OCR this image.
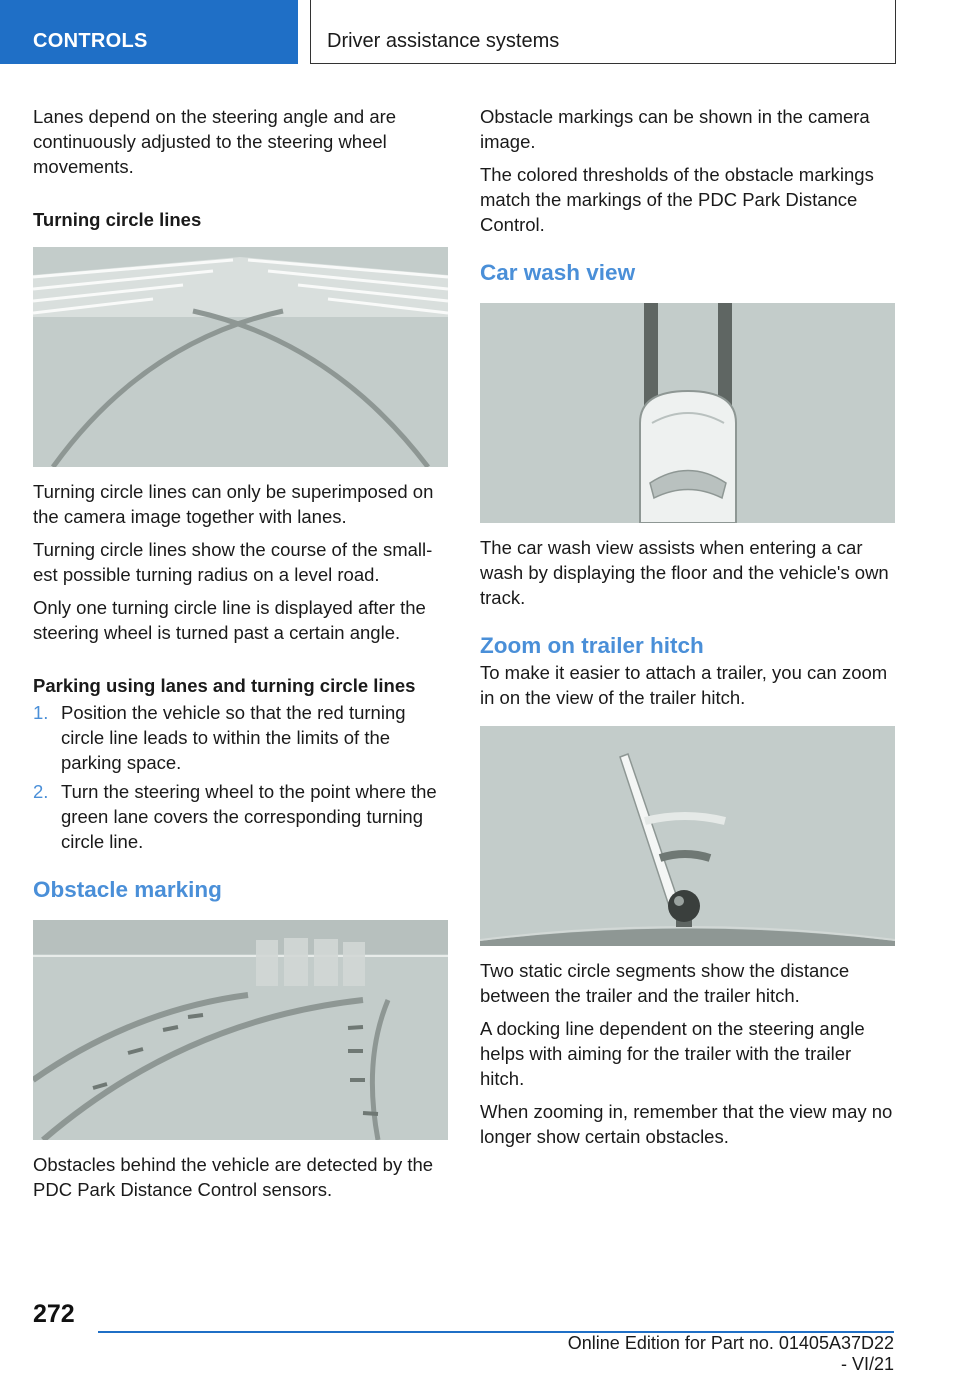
CONTROLS	Driver assistance systems

Lanes depend on the steering angle and are continuously adjusted to the steering wheel movements.

Turning circle lines

Turning circle lines can only be superimposed on the camera image together with lanes.

Turning circle lines show the course of the small‐est possible turning radius on a level road.

Only one turning circle line is displayed after the steering wheel is turned past a certain angle.

Parking using lanes and turning circle lines

1. Position the vehicle so that the red turning circle line leads to within the limits of the parking space.
2. Turn the steering wheel to the point where the green lane covers the corresponding turning circle line.
Obstacle marking

Obstacles behind the vehicle are detected by the PDC Park Distance Control sensors.

Obstacle markings can be shown in the camera image.

The colored thresholds of the obstacle markings match the markings of the PDC Park Distance Control.

Car wash view

The car wash view assists when entering a car wash by displaying the floor and the vehicle's own track.

Zoom on trailer hitch

To make it easier to attach a trailer, you can zoom in on the view of the trailer hitch.

Two static circle segments show the distance between the trailer and the trailer hitch.

A docking line dependent on the steering angle helps with aiming for the trailer with the trailer hitch.

When zooming in, remember that the view may no longer show certain obstacles.

272
Online Edition for Part no. 01405A37D22 - VI/21
